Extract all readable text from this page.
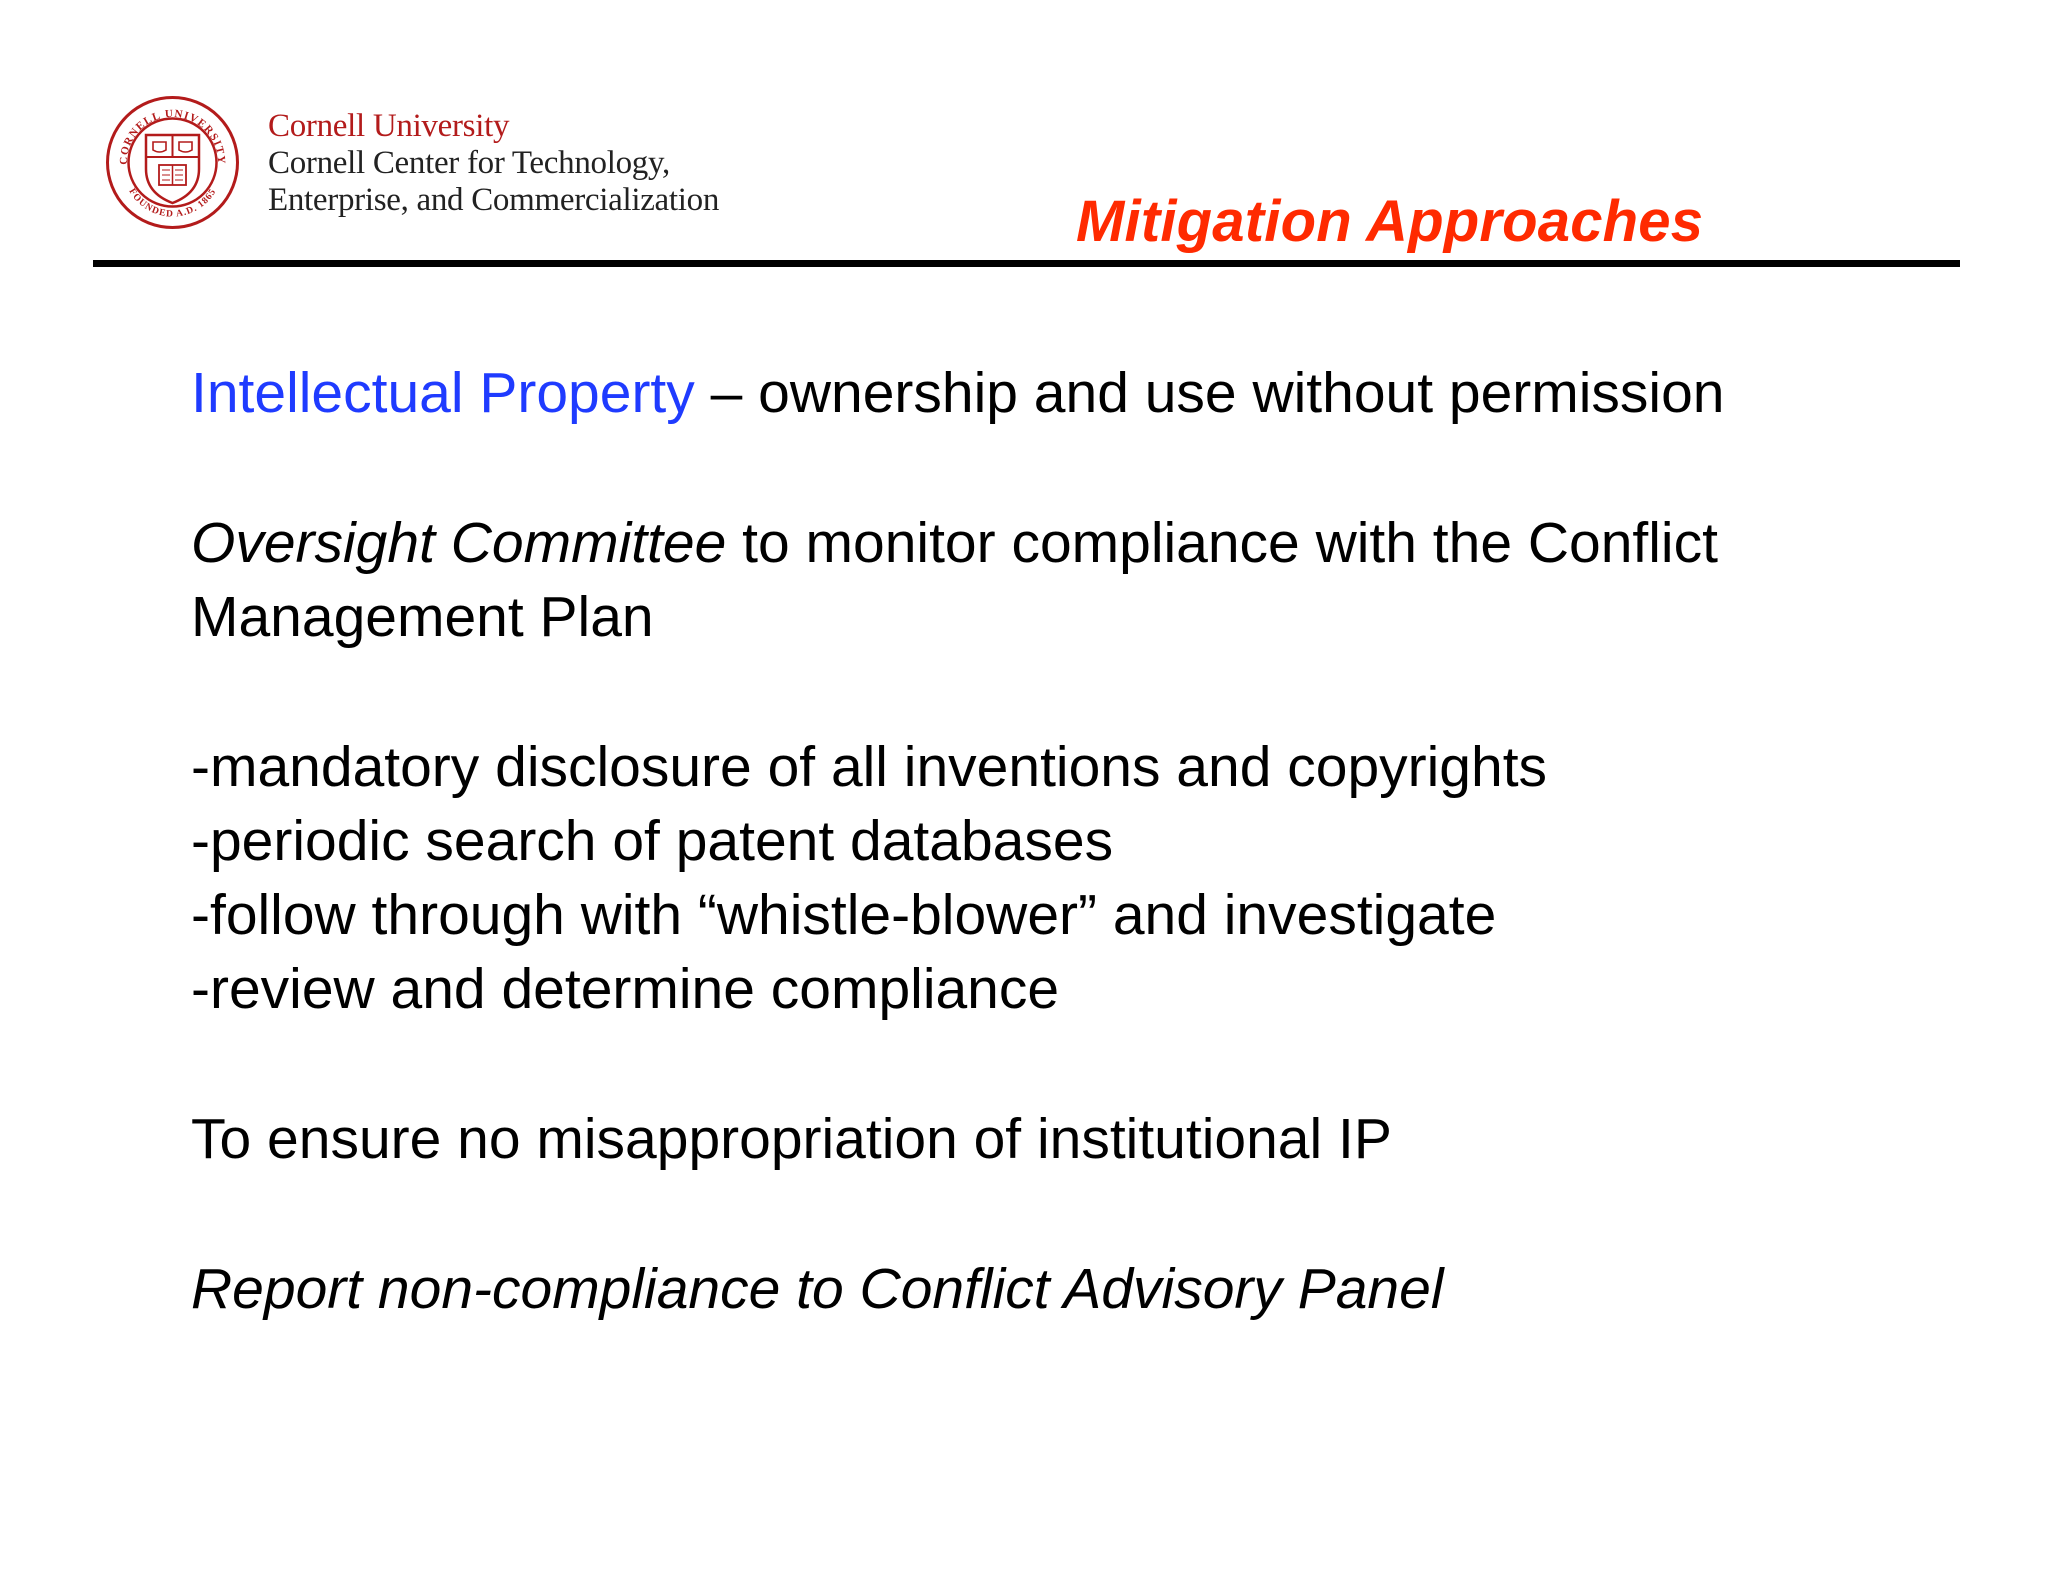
CORNELL UNIVERSITY
FOUNDED A.D. 1865
Cornell University
Cornell Center for Technology,
Enterprise, and Commercialization	Mitigation Approaches

Intellectual Property – ownership and use without permission

Oversight Committee to monitor compliance with the Conflict

Management Plan

-mandatory disclosure of all inventions and copyrights

-periodic search of patent databases

-follow through with “whistle-blower” and investigate

-review and determine compliance

To ensure no misappropriation of institutional IP

Report non-compliance to Conflict Advisory Panel
